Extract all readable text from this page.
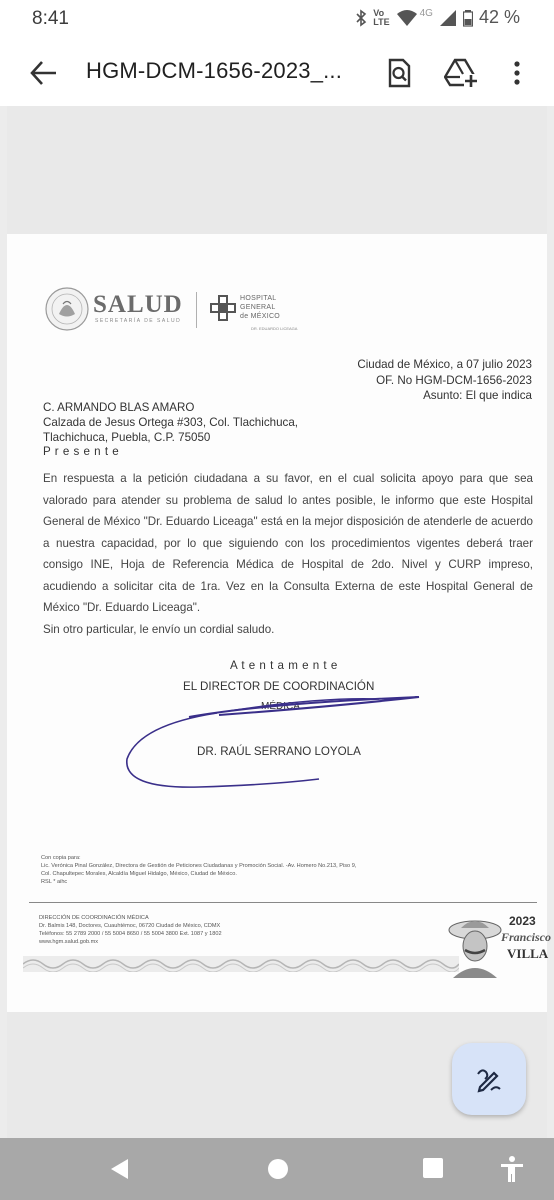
8:41	Vo
LTE
4G	42 %
HGM-DCM-1656-2023_...
SALUD
SECRETARÍA DE SALUD
HOSPITAL
GENERAL
de MÉXICO
DR. EDUARDO LICEAGA
Ciudad de México, a 07 julio 2023
OF. No HGM-DCM-1656-2023
Asunto: El que indica
C. ARMANDO BLAS AMARO
Calzada de Jesus Ortega #303, Col. Tlachichuca,
Tlachichuca, Puebla, C.P. 75050
P r e s e n t e

En respuesta a la petición ciudadana a su favor, en el cual solicita apoyo para que sea valorado para atender su problema de salud lo antes posible, le informo que este Hospital General de México "Dr. Eduardo Liceaga" está en la mejor disposición de atenderle de acuerdo a nuestra capacidad, por lo que siguiendo con los procedimientos vigentes deberá traer consigo INE, Hoja de Referencia Médica de Hospital de 2do. Nivel y CURP impreso, acudiendo a solicitar cita de 1ra. Vez en la Consulta Externa de este Hospital General de México "Dr. Eduardo Liceaga".

Sin otro particular, le envío un cordial saludo.

A t e n t a m e n t e
EL DIRECTOR DE COORDINACIÓN
MÉDICA
DR. RAÚL SERRANO LOYOLA
Con copia para:
Lic. Verónica Pinal González, Directora de Gestión de Peticiones Ciudadanas y Promoción Social. -Av. Homero No.213, Piso 9,
Col. Chapultepec Morales, Alcaldía Miguel Hidalgo, México, Ciudad de México.
RSL * aihc
DIRECCIÓN DE COORDINACIÓN MÉDICA
Dr. Balmis 148, Doctores, Cuauhtémoc, 06720 Ciudad de México, CDMX
Teléfonos: 55 2789 2000 / 55 5004 8650 / 55 5004 3800 Ext. 1087 y 1802
www.hgm.salud.gob.mx
2023
Francisco
VILLA
